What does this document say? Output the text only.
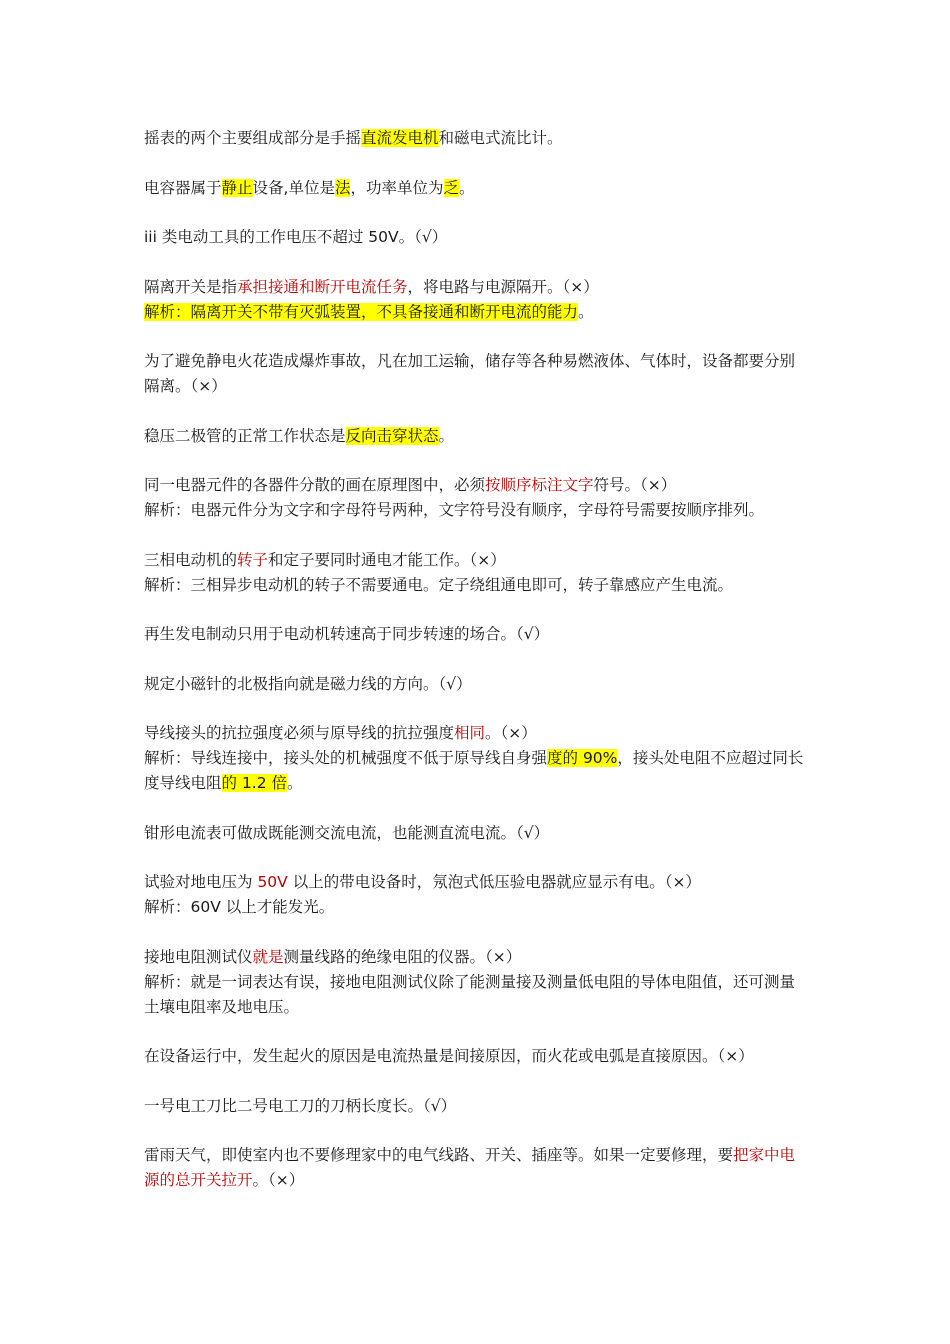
摇表的两个主要组成部分是手摇直流发电机和磁电式流比计。

电容器属于静止设备,单位是法，功率单位为乏。

iii 类电动工具的工作电压不超过 50V。（√）

隔离开关是指承担接通和断开电流任务，将电路与电源隔开。（×）

解析：隔离开关不带有灭弧装置，不具备接通和断开电流的能力。

为了避免静电火花造成爆炸事故，凡在加工运输，储存等各种易燃液体、气体时，设备都要分别隔离。（×）

稳压二极管的正常工作状态是反向击穿状态。

同一电器元件的各器件分散的画在原理图中，必须按顺序标注文字符号。（×）

解析：电器元件分为文字和字母符号两种，文字符号没有顺序，字母符号需要按顺序排列。

三相电动机的转子和定子要同时通电才能工作。（×）

解析：三相异步电动机的转子不需要通电。定子绕组通电即可，转子靠感应产生电流。

再生发电制动只用于电动机转速高于同步转速的场合。（√）

规定小磁针的北极指向就是磁力线的方向。（√）

导线接头的抗拉强度必须与原导线的抗拉强度相同。（×）

解析：导线连接中，接头处的机械强度不低于原导线自身强度的 90%，接头处电阻不应超过同长度导线电阻的 1.2 倍。

钳形电流表可做成既能测交流电流，也能测直流电流。（√）

试验对地电压为 50V 以上的带电设备时，氖泡式低压验电器就应显示有电。（×）

解析：60V 以上才能发光。

接地电阻测试仪就是测量线路的绝缘电阻的仪器。（×）

解析：就是一词表达有误，接地电阻测试仪除了能测量接及测量低电阻的导体电阻值，还可测量土壤电阻率及地电压。

在设备运行中，发生起火的原因是电流热量是间接原因，而火花或电弧是直接原因。（×）

一号电工刀比二号电工刀的刀柄长度长。（√）

雷雨天气，即使室内也不要修理家中的电气线路、开关、插座等。如果一定要修理，要把家中电源的总开关拉开。（×）
